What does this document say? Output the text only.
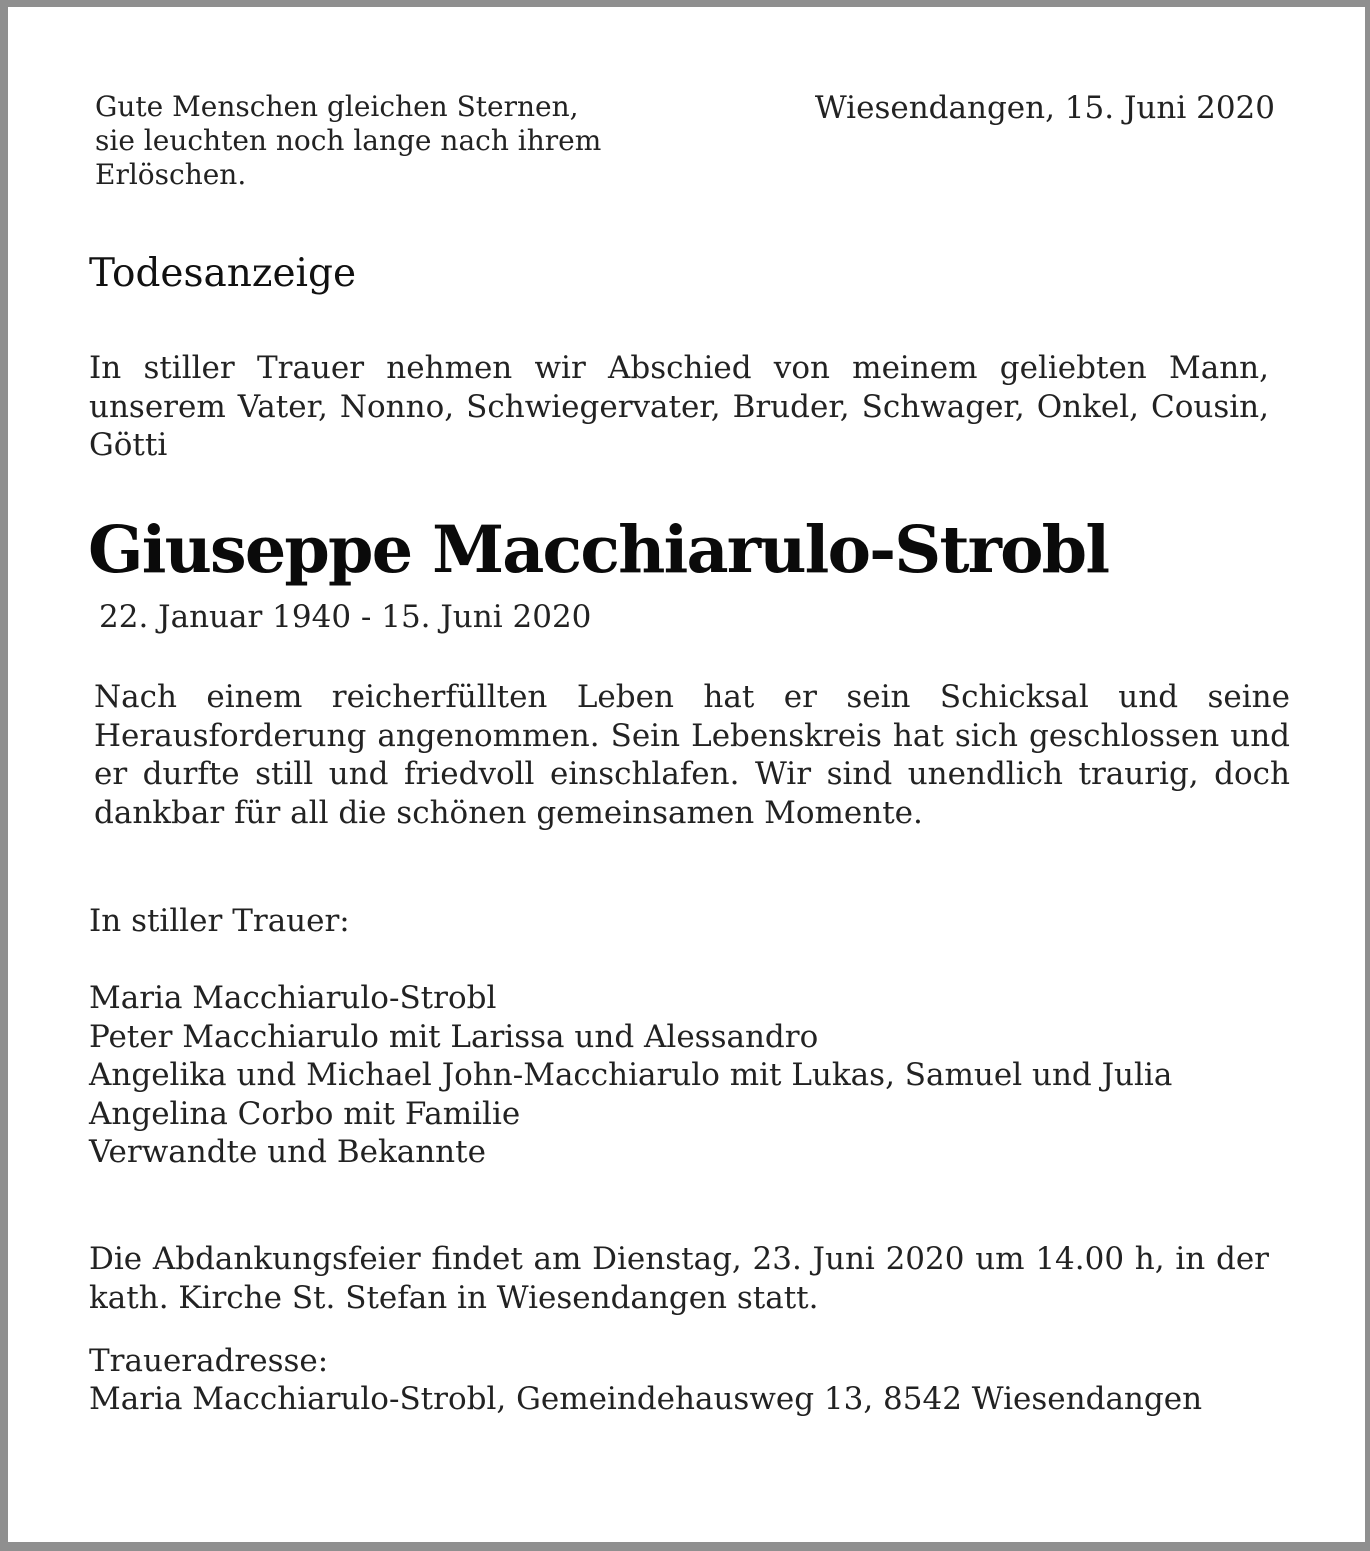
Gute Menschen gleichen Sternen,
sie leuchten noch lange nach ihrem
Erlöschen.
Wiesendangen, 15. Juni 2020
Todesanzeige
In stiller Trauer nehmen wir Abschied von meinem geliebten Mann, unserem Vater, Nonno, Schwiegervater, Bruder, Schwager, Onkel, Cousin, Götti
Giuseppe Macchiarulo-Strobl
22. Januar 1940 - 15. Juni 2020
Nach einem reicherfüllten Leben hat er sein Schicksal und seine Herausforderung angenommen. Sein Lebenskreis hat sich geschlossen und er durfte still und friedvoll einschlafen. Wir sind unendlich traurig, doch dankbar für all die schönen gemeinsamen Momente.
In stiller Trauer:
Maria Macchiarulo-Strobl
Peter Macchiarulo mit Larissa und Alessandro
Angelika und Michael John-Macchiarulo mit Lukas, Samuel und Julia
Angelina Corbo mit Familie
Verwandte und Bekannte
Die Abdankungsfeier findet am Dienstag, 23. Juni 2020 um 14.00 h, in der kath. Kirche St. Stefan in Wiesendangen statt.
Traueradresse:
Maria Macchiarulo-Strobl, Gemeindehausweg 13, 8542 Wiesendangen
